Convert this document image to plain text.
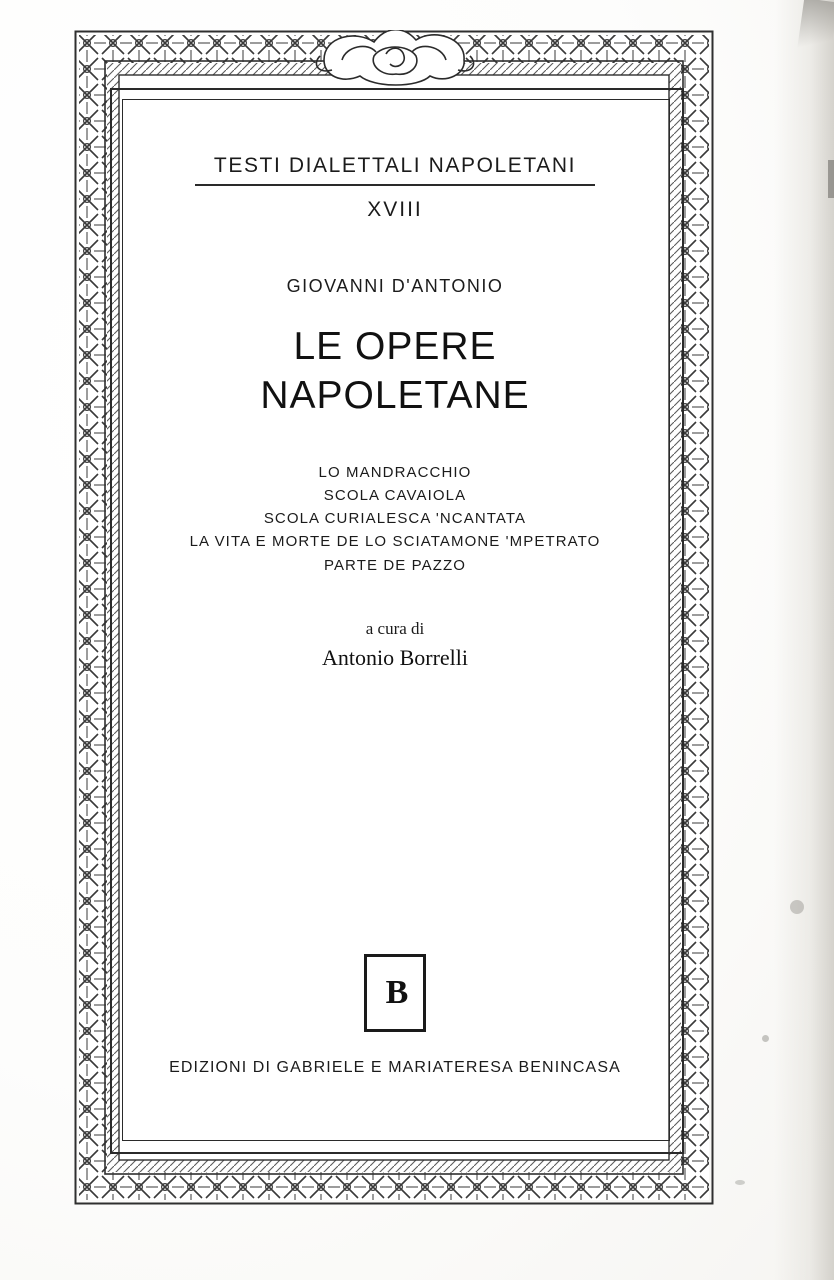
TESTI DIALETTALI NAPOLETANI
XVIII
GIOVANNI D'ANTONIO
LE OPERE
NAPOLETANE
LO MANDRACCHIO
SCOLA CAVAIOLA
SCOLA CURIALESCA 'NCANTATA
LA VITA E MORTE DE LO SCIATAMONE 'MPETRATO
PARTE DE PAZZO
a cura di
Antonio Borrelli
B
EDIZIONI DI GABRIELE E MARIATERESA BENINCASA
